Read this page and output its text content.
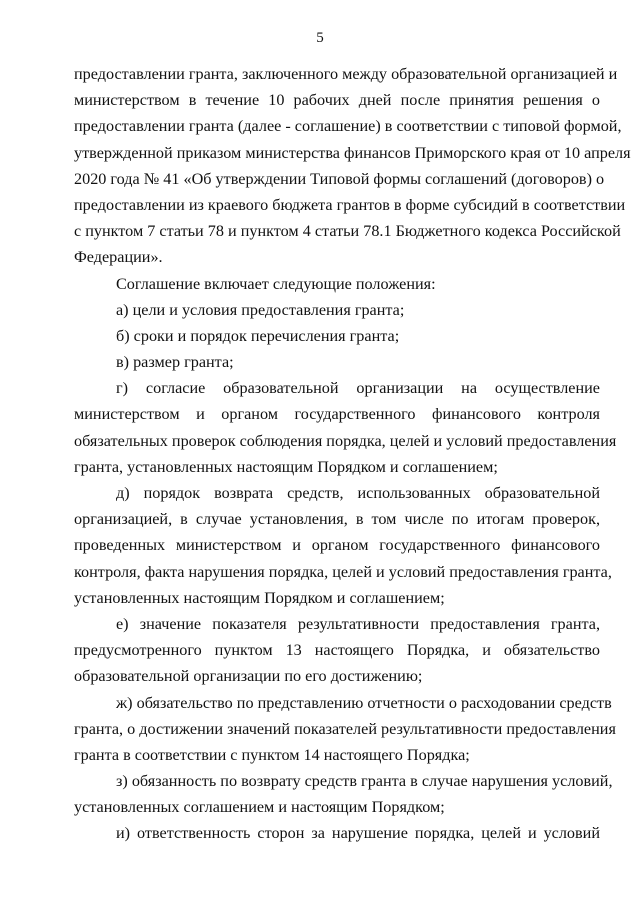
5
предоставлении гранта, заключенного между образовательной организацией и
министерством в течение 10 рабочих дней после принятия решения о
предоставлении гранта (далее - соглашение) в соответствии с типовой формой,
утвержденной приказом министерства финансов Приморского края от 10 апреля
2020 года № 41 «Об утверждении Типовой формы соглашений (договоров) о
предоставлении из краевого бюджета грантов в форме субсидий в соответствии
с пунктом 7 статьи 78 и пунктом 4 статьи 78.1 Бюджетного кодекса Российской
Федерации».
Соглашение включает следующие положения:
а) цели и условия предоставления гранта;
б) сроки и порядок перечисления гранта;
в) размер гранта;
г) согласие образовательной организации на осуществление
министерством и органом государственного финансового контроля
обязательных проверок соблюдения порядка, целей и условий предоставления
гранта, установленных настоящим Порядком и соглашением;
д) порядок возврата средств, использованных образовательной
организацией, в случае установления, в том числе по итогам проверок,
проведенных министерством и органом государственного финансового
контроля, факта нарушения порядка, целей и условий предоставления гранта,
установленных настоящим Порядком и соглашением;
е) значение показателя результативности предоставления гранта,
предусмотренного пунктом 13 настоящего Порядка, и обязательство
образовательной организации по его достижению;
ж) обязательство по представлению отчетности о расходовании средств
гранта, о достижении значений показателей результативности предоставления
гранта в соответствии с пунктом 14 настоящего Порядка;
з) обязанность по возврату средств гранта в случае нарушения условий,
установленных соглашением и настоящим Порядком;
и) ответственность сторон за нарушение порядка, целей и условий
